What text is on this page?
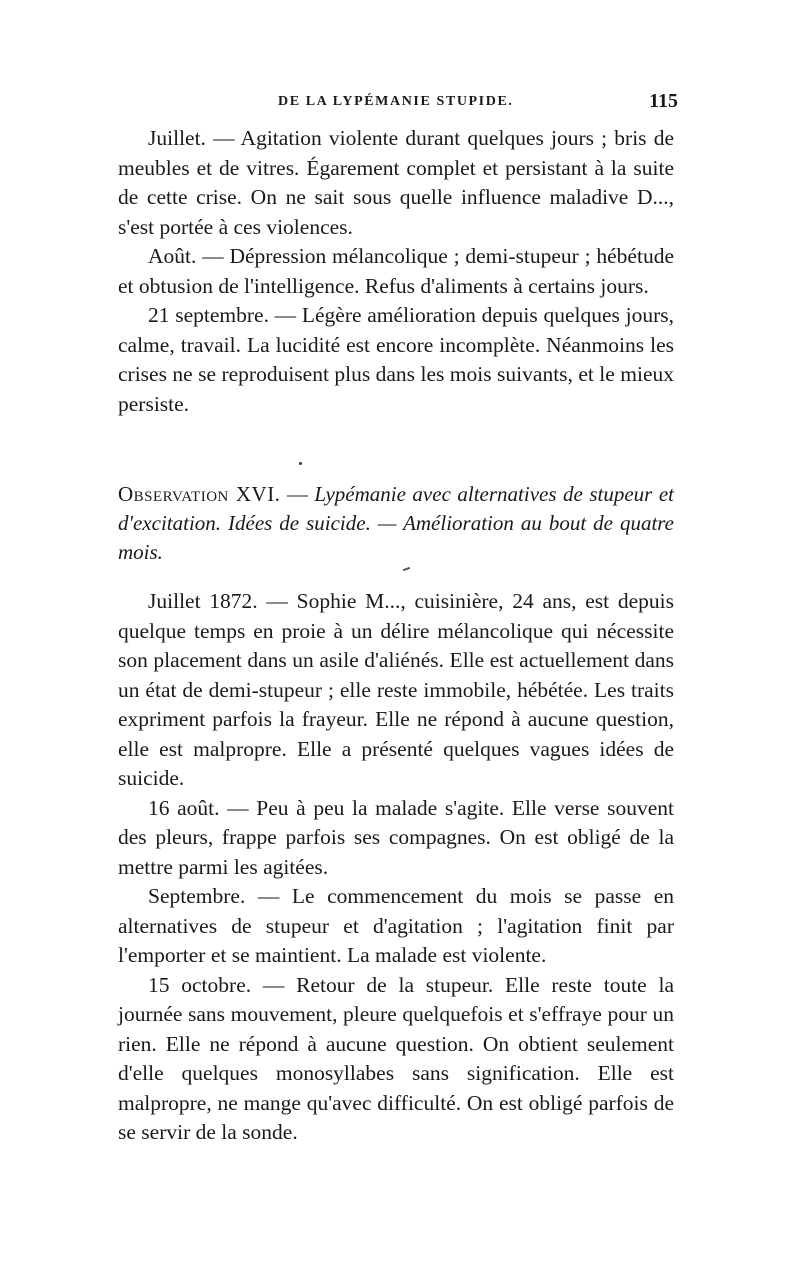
DE LA LYPÉMANIE STUPIDE.	115

Juillet. — Agitation violente durant quelques jours ; bris de meubles et de vitres. Égarement complet et persistant à la suite de cette crise. On ne sait sous quelle influence maladive D..., s'est portée à ces violences.

Août. — Dépression mélancolique ; demi-stupeur ; hébétude et obtusion de l'intelligence. Refus d'aliments à certains jours.

21 septembre. — Légère amélioration depuis quelques jours, calme, travail. La lucidité est encore incomplète. Néanmoins les crises ne se reproduisent plus dans les mois suivants, et le mieux persiste.

Observation XVI. — Lypémanie avec alternatives de stupeur et d'excitation. Idées de suicide. — Amélioration au bout de quatre mois.

Juillet 1872. — Sophie M..., cuisinière, 24 ans, est depuis quelque temps en proie à un délire mélancolique qui nécessite son placement dans un asile d'aliénés. Elle est actuellement dans un état de demi-stupeur ; elle reste immobile, hébétée. Les traits expriment parfois la frayeur. Elle ne répond à aucune question, elle est malpropre. Elle a présenté quelques vagues idées de suicide.

16 août. — Peu à peu la malade s'agite. Elle verse souvent des pleurs, frappe parfois ses compagnes. On est obligé de la mettre parmi les agitées.

Septembre. — Le commencement du mois se passe en alternatives de stupeur et d'agitation ; l'agitation finit par l'emporter et se maintient. La malade est violente.

15 octobre. — Retour de la stupeur. Elle reste toute la journée sans mouvement, pleure quelquefois et s'effraye pour un rien. Elle ne répond à aucune question. On obtient seulement d'elle quelques monosyllabes sans signification. Elle est malpropre, ne mange qu'avec difficulté. On est obligé parfois de se servir de la sonde.
